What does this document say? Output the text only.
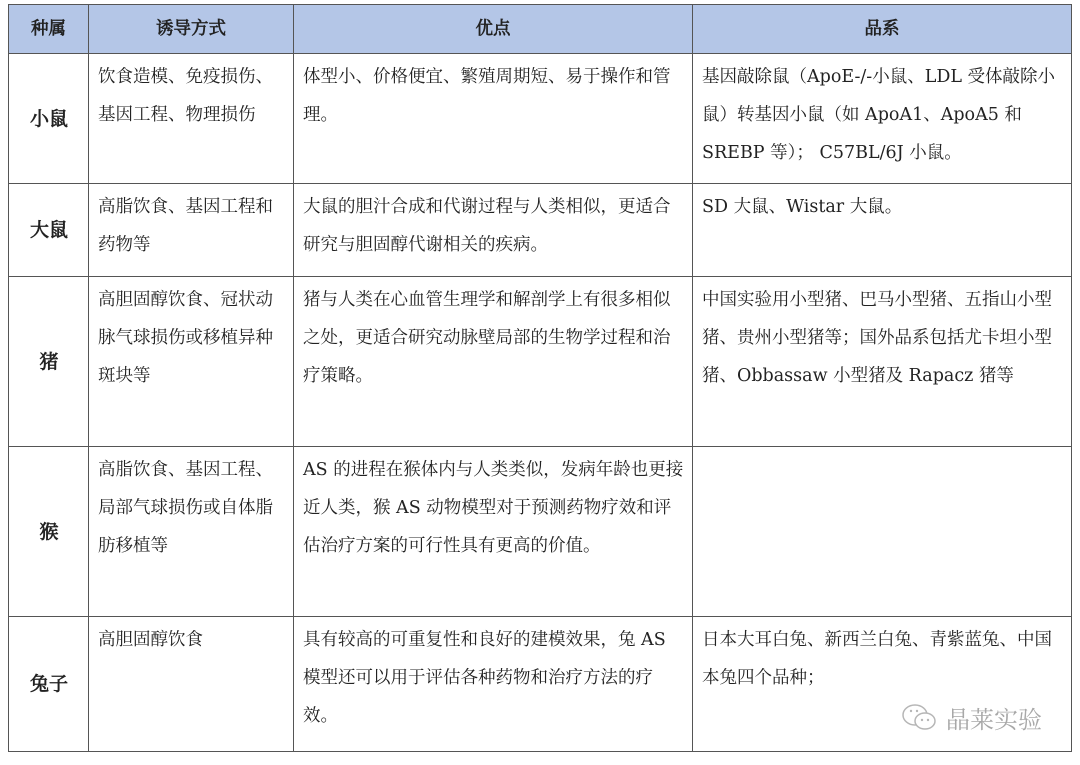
种属	诱导方式	优点	品系
小鼠	饮食造模、免疫损伤、基因工程、物理损伤	体型小、价格便宜、繁殖周期短、易于操作和管理。	基因敲除鼠（ApoE-/-小鼠、LDL 受体敲除小鼠）转基因小鼠（如 ApoA1、ApoA5 和 SREBP 等）； C57BL/6J 小鼠。
大鼠	高脂饮食、基因工程和药物等	大鼠的胆汁合成和代谢过程与人类相似，更适合研究与胆固醇代谢相关的疾病。	SD 大鼠、Wistar 大鼠。
猪	高胆固醇饮食、冠状动脉气球损伤或移植异种斑块等	猪与人类在心血管生理学和解剖学上有很多相似之处，更适合研究动脉壁局部的生物学过程和治疗策略。	中国实验用小型猪、巴马小型猪、五指山小型猪、贵州小型猪等；国外品系包括尤卡坦小型猪、Obbassaw 小型猪及 Rapacz 猪等
猴	高脂饮食、基因工程、局部气球损伤或自体脂肪移植等	AS 的进程在猴体内与人类类似，发病年龄也更接近人类，猴 AS 动物模型对于预测药物疗效和评估治疗方案的可行性具有更高的价值。	
兔子	高胆固醇饮食	具有较高的可重复性和良好的建模效果，兔 AS 模型还可以用于评估各种药物和治疗方法的疗效。	日本大耳白兔、新西兰白兔、青紫蓝兔、中国本兔四个品种；
晶莱实验
